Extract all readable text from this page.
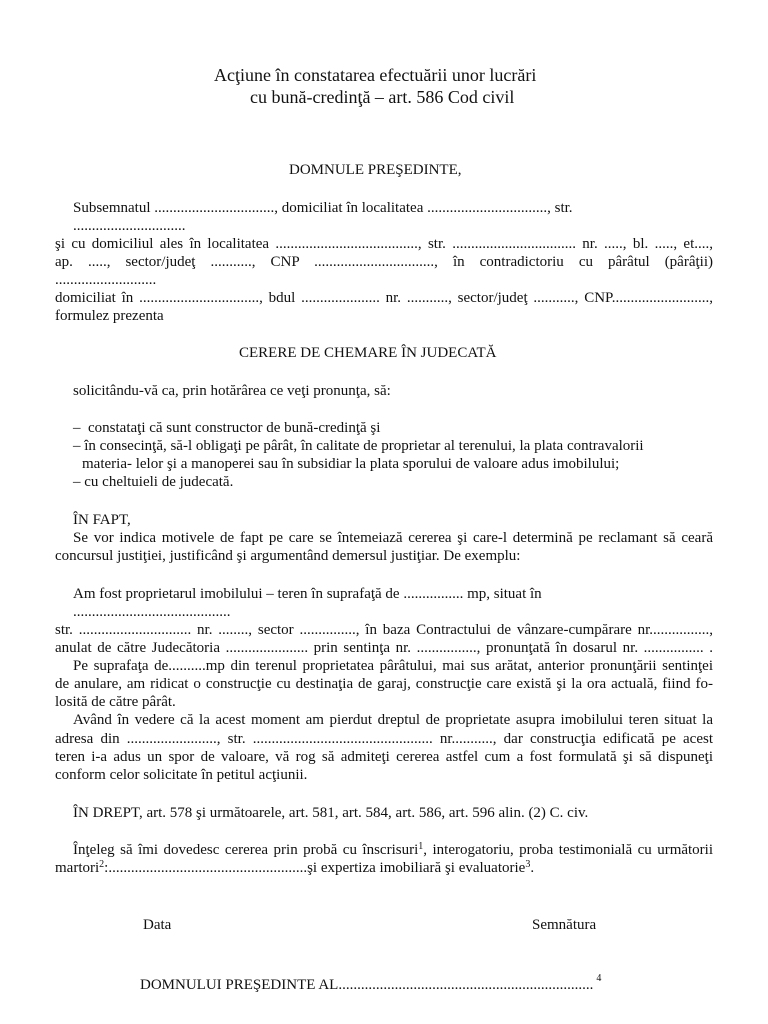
Acţiune în constatarea efectuării unor lucrări
cu bună-credinţă – art. 586 Cod civil
DOMNULE PREŞEDINTE,
Subsemnatul ................................, domiciliat în localitatea ................................, str.
..............................
şi cu domiciliul ales în localitatea ......................................, str. ................................. nr. ....., bl. ....., et....,
ap. ....., sector/judeţ ..........., CNP ................................, în contradictoriu cu pârâtul (pârâţii)
...........................
domiciliat în ................................, bdul ..................... nr. ..........., sector/judeţ ..........., CNP..........................,
formulez prezenta
CERERE DE CHEMARE ÎN JUDECATĂ
solicitându-vă ca, prin hotărârea ce veţi pronunţa, să:
–  constataţi că sunt constructor de bună-credinţă şi
– în consecinţă, să-l obligaţi pe pârât, în calitate de proprietar al terenului, la plata contravalorii
materia- lelor şi a manoperei sau în subsidiar la plata sporului de valoare adus imobilului;
– cu cheltuieli de judecată.
ÎN FAPT,
Se vor indica motivele de fapt pe care se întemeiază cererea şi care-l determină pe reclamant să ceară
concursul justiţiei, justificând şi argumentând demersul justiţiar. De exemplu:
Am fost proprietarul imobilului – teren în suprafaţă de ................ mp, situat în
..........................................
str. .............................. nr. ........, sector ..............., în baza Contractului de vânzare-cumpărare nr................,
anulat de către Judecătoria ...................... prin sentinţa nr. ................, pronunţată în dosarul nr. ................ .
Pe suprafaţa de..........mp din terenul proprietatea pârâtului, mai sus arătat, anterior pronunţării sentinţei
de anulare, am ridicat o construcţie cu destinaţia de garaj, construcţie care există şi la ora actuală, fiind fo-
losită de către pârât.
Având în vedere că la acest moment am pierdut dreptul de proprietate asupra imobilului teren situat la
adresa din ........................, str. ................................................ nr..........., dar construcţia edificată pe acest
teren i-a adus un spor de valoare, vă rog să admiteţi cererea astfel cum a fost formulată şi să dispuneţi
conform celor solicitate în petitul acţiunii.
ÎN DREPT, art. 578 şi următoarele, art. 581, art. 584, art. 586, art. 596 alin. (2) C. civ.
Înţeleg să îmi dovedesc cererea prin probă cu înscrisuri$^1$, interogatoriu, proba testimonială cu următorii
martori$^2$:.....................................................şi expertiza imobiliară şi evaluatorie$^3$.
Data	Semnătura
DOMNULUI PREŞEDINTE AL.................................................................... $^4$
